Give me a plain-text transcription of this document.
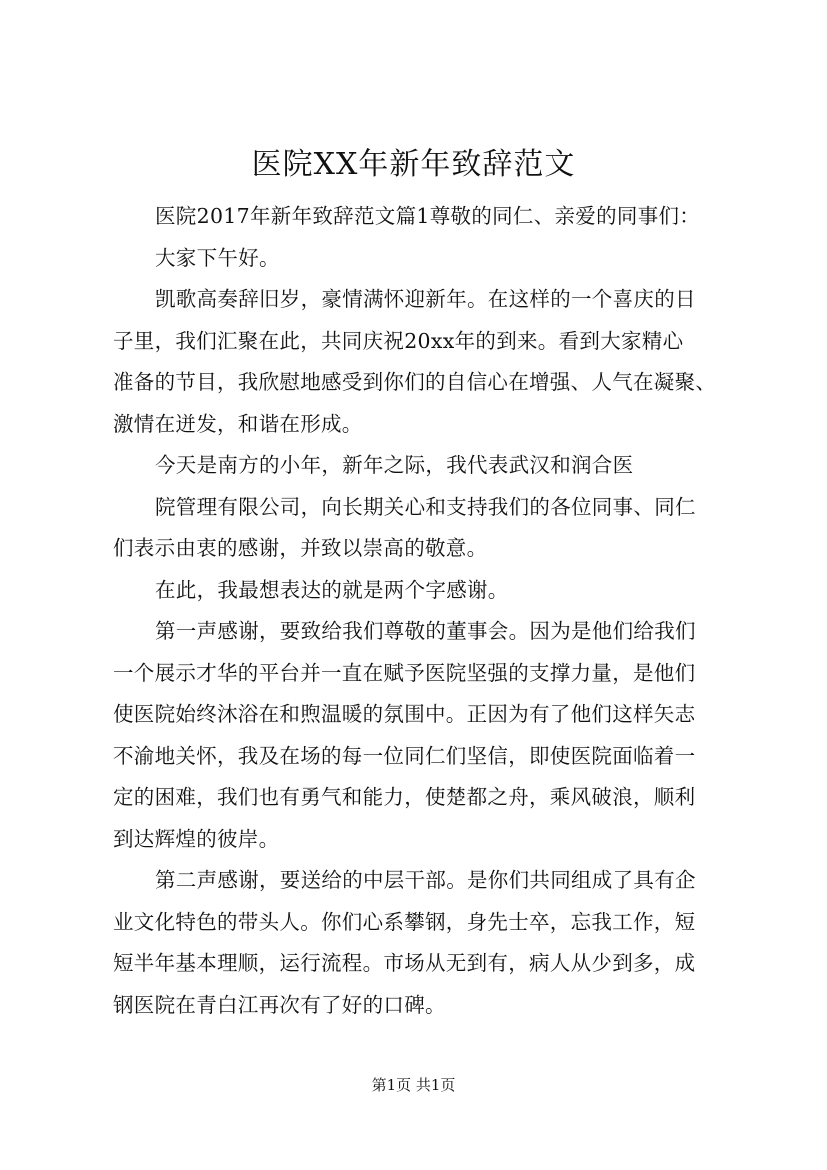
医院XX年新年致辞范文
医院2017年新年致辞范文篇1尊敬的同仁、亲爱的同事们：
大家下午好。
凯歌高奏辞旧岁，豪情满怀迎新年。在这样的一个喜庆的日
子里，我们汇聚在此，共同庆祝20xx年的到来。看到大家精心
准备的节目，我欣慰地感受到你们的自信心在增强、人气在凝聚、
激情在迸发，和谐在形成。
今天是南方的小年，新年之际，我代表武汉和润合医
院管理有限公司，向长期关心和支持我们的各位同事、同仁
们表示由衷的感谢，并致以崇高的敬意。
在此，我最想表达的就是两个字感谢。
第一声感谢，要致给我们尊敬的董事会。因为是他们给我们
一个展示才华的平台并一直在赋予医院坚强的支撑力量，是他们
使医院始终沐浴在和煦温暖的氛围中。正因为有了他们这样矢志
不渝地关怀，我及在场的每一位同仁们坚信，即使医院面临着一
定的困难，我们也有勇气和能力，使楚都之舟，乘风破浪，顺利
到达辉煌的彼岸。
第二声感谢，要送给的中层干部。是你们共同组成了具有企
业文化特色的带头人。你们心系攀钢，身先士卒，忘我工作，短
短半年基本理顺，运行流程。市场从无到有，病人从少到多，成
钢医院在青白江再次有了好的口碑。
第1页 共1页
